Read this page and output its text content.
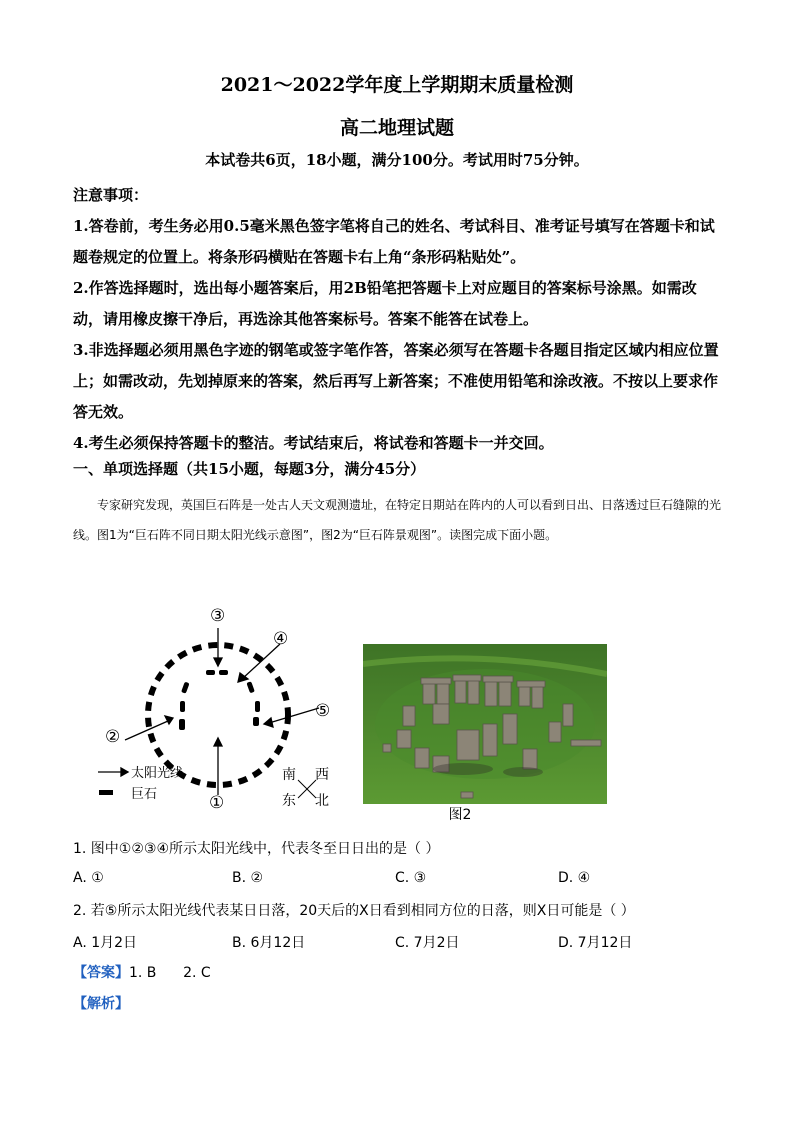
2021～2022学年度上学期期末质量检测
高二地理试题
本试卷共6页，18小题，满分100分。考试用时75分钟。

注意事项：

1.答卷前，考生务必用0.5毫米黑色签字笔将自己的姓名、考试科目、准考证号填写在答题卡和试题卷规定的位置上。将条形码横贴在答题卡右上角“条形码粘贴处”。

2.作答选择题时，选出每小题答案后，用2B铅笔把答题卡上对应题目的答案标号涂黑。如需改动，请用橡皮擦干净后，再选涂其他答案标号。答案不能答在试卷上。

3.非选择题必须用黑色字迹的钢笔或签字笔作答，答案必须写在答题卡各题目指定区域内相应位置上；如需改动，先划掉原来的答案，然后再写上新答案；不准使用铅笔和涂改液。不按以上要求作答无效。

4.考生必须保持答题卡的整洁。考试结束后，将试卷和答题卡一并交回。

一、单项选择题（共15小题，每题3分，满分45分）
专家研究发现，英国巨石阵是一处古人天文观测遗址，在特定日期站在阵内的人可以看到日出、日落透过巨石缝隙的光线。图1为“巨石阵不同日期太阳光线示意图”，图2为“巨石阵景观图”。读图完成下面小题。
③
④
⑤
②
①
太阳光线
巨石
南 西
东 北
图2
1. 图中①②③④所示太阳光线中，代表冬至日日出的是（ ）
A. ①	B. ②	C. ③	D. ④
2. 若⑤所示太阳光线代表某日日落，20天后的X日看到相同方位的日落，则X日可能是（ ）
A. 1月2日	B. 6月12日	C. 7月2日	D. 7月12日
【答案】1. B      2. C
【解析】
